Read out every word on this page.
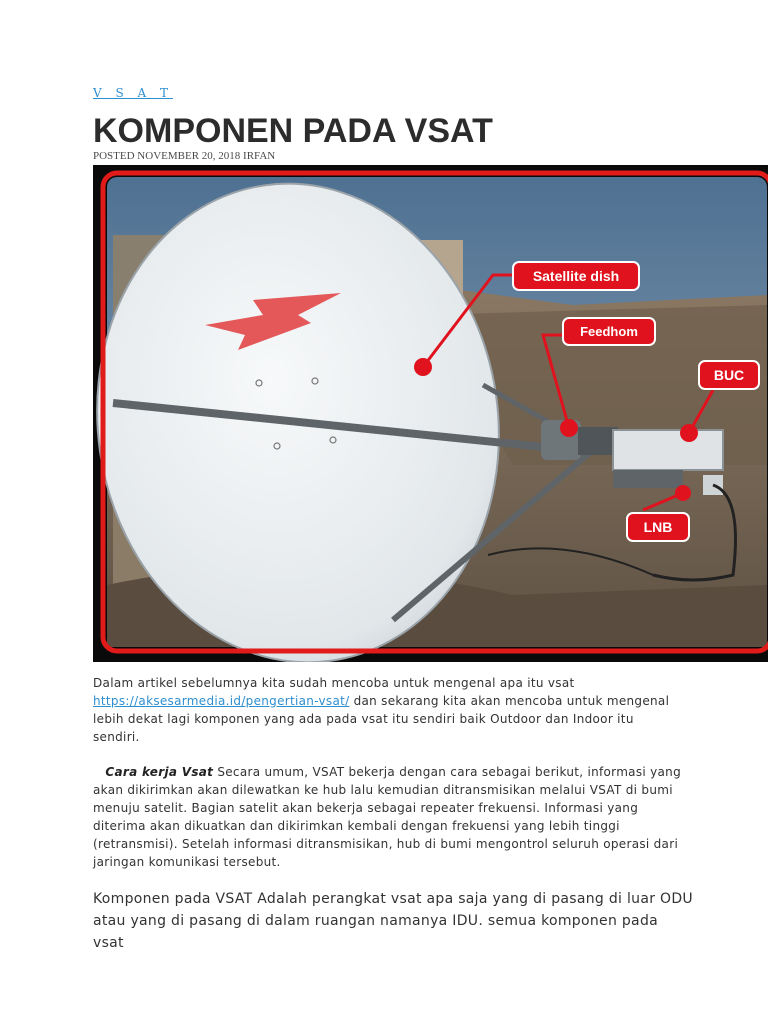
V S A T
KOMPONEN PADA VSAT
POSTED NOVEMBER 20, 2018 IRFAN
Satellite dish
Feedhom
BUC
LNB

Dalam artikel sebelumnya kita sudah mencoba untuk mengenal apa itu vsat https://aksesarmedia.id/pengertian-vsat/ dan sekarang kita akan mencoba untuk mengenal lebih dekat lagi komponen yang ada pada vsat itu sendiri baik Outdoor dan Indoor itu sendiri.

Cara kerja Vsat Secara umum, VSAT bekerja dengan cara sebagai berikut, informasi yang akan dikirimkan akan dilewatkan ke hub lalu kemudian ditransmisikan melalui VSAT di bumi menuju satelit. Bagian satelit akan bekerja sebagai repeater frekuensi. Informasi yang diterima akan dikuatkan dan dikirimkan kembali dengan frekuensi yang lebih tinggi (retransmisi). Setelah informasi ditransmisikan, hub di bumi mengontrol seluruh operasi dari jaringan komunikasi tersebut.

Komponen pada VSAT Adalah perangkat vsat apa saja yang di pasang di luar ODU atau yang di pasang di dalam ruangan namanya IDU. semua komponen pada vsat
